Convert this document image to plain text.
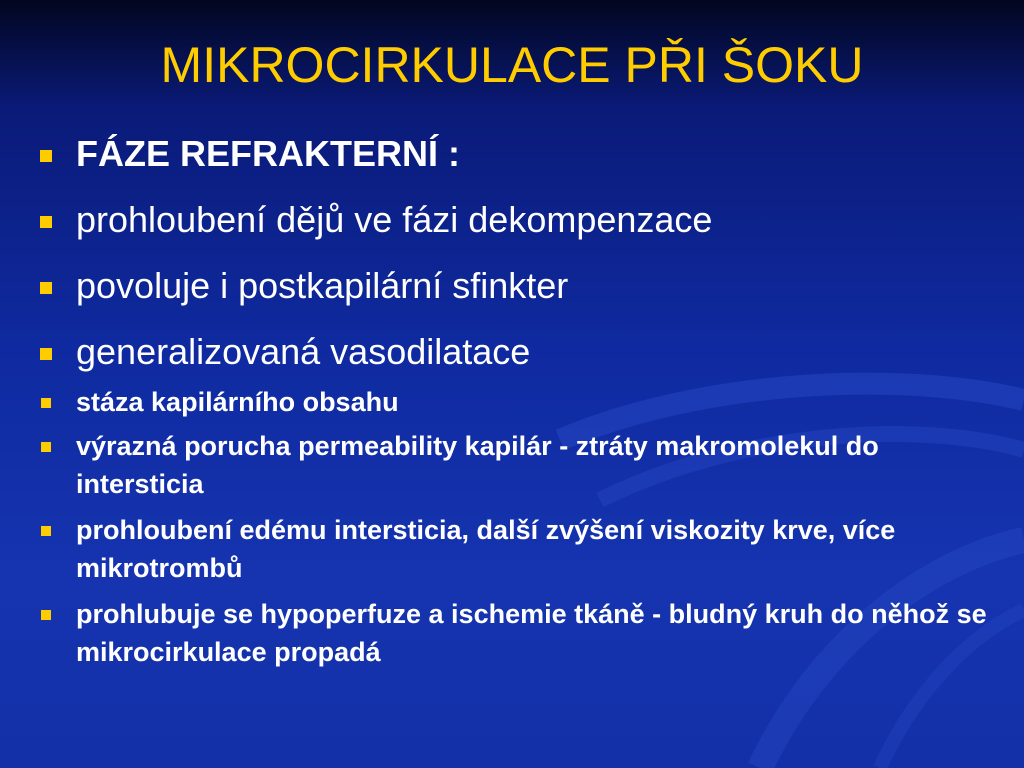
MIKROCIRKULACE PŘI ŠOKU
FÁZE REFRAKTERNÍ :
prohloubení dějů ve fázi dekompenzace
povoluje i postkapilární sfinkter
generalizovaná vasodilatace
stáza kapilárního obsahu
výrazná porucha permeability kapilár - ztráty makromolekul do intersticia
prohloubení edému intersticia, další zvýšení viskozity krve, více mikrotrombů
prohlubuje se hypoperfuze a ischemie tkáně - bludný kruh do něhož se mikrocirkulace propadá
